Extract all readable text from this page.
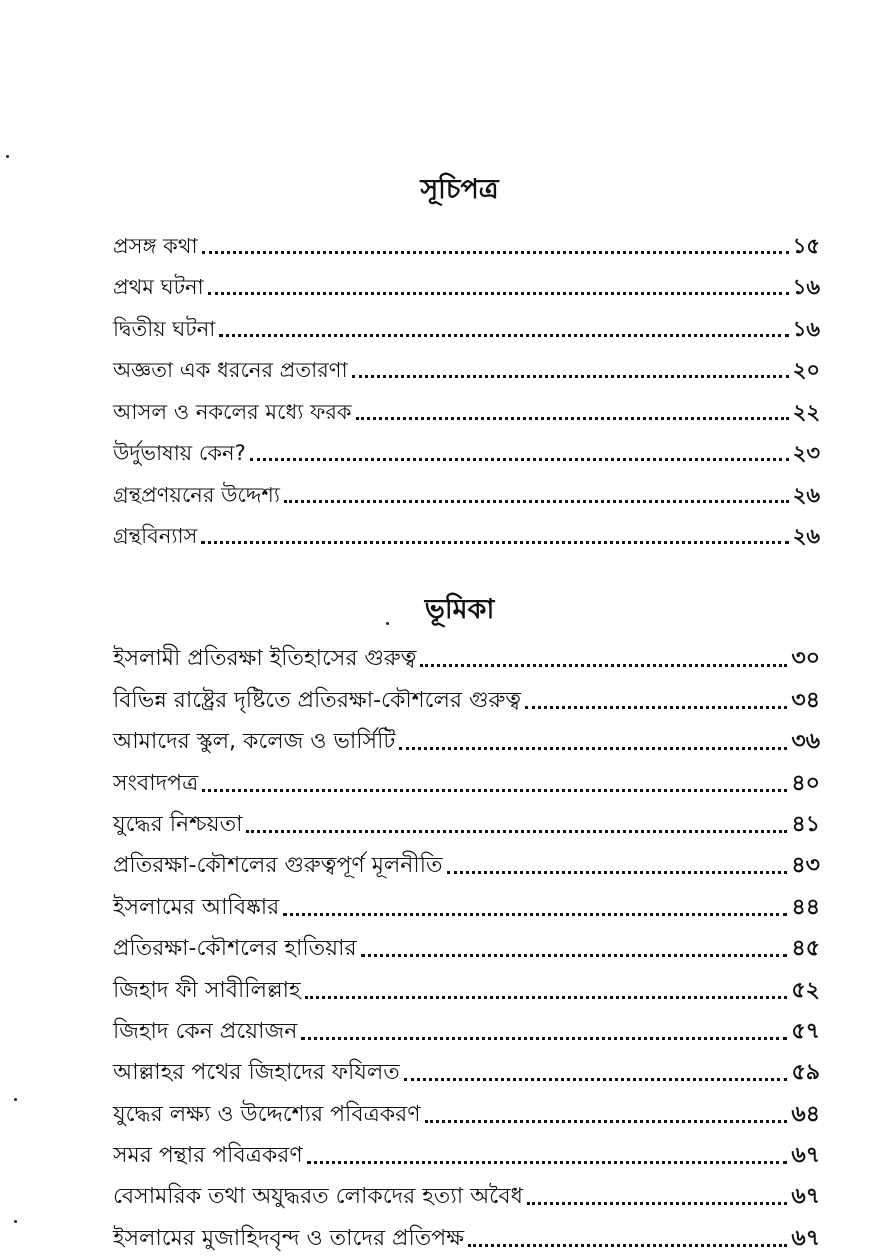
সূচিপত্র
প্রসঙ্গ কথা	১৫
প্রথম ঘটনা	১৬
দ্বিতীয় ঘটনা	১৬
অজ্ঞতা এক ধরনের প্রতারণা	২০
আসল ও নকলের মধ্যে ফরক	২২
উর্দুভাষায় কেন?	২৩
গ্রন্থপ্রণয়নের উদ্দেশ্য	২৬
গ্রন্থবিন্যাস	২৬
ভূমিকা
ইসলামী প্রতিরক্ষা ইতিহাসের গুরুত্ব	৩০
বিভিন্ন রাষ্ট্রের দৃষ্টিতে প্রতিরক্ষা-কৌশলের গুরুত্ব	৩৪
আমাদের স্কুল, কলেজ ও ভার্সিটি	৩৬
সংবাদপত্র	৪০
যুদ্ধের নিশ্চয়তা	৪১
প্রতিরক্ষা-কৌশলের গুরুত্বপূর্ণ মূলনীতি	৪৩
ইসলামের আবিষ্কার	৪৪
প্রতিরক্ষা-কৌশলের হাতিয়ার	৪৫
জিহাদ ফী সাবীলিল্লাহ	৫২
জিহাদ কেন প্রয়োজন	৫৭
আল্লাহর পথের জিহাদের ফযিলত	৫৯
যুদ্ধের লক্ষ্য ও উদ্দেশ্যের পবিত্রকরণ	৬৪
সমর পন্থার পবিত্রকরণ	৬৭
বেসামরিক তথা অযুদ্ধরত লোকদের হত্যা অবৈধ	৬৭
ইসলামের মুজাহিদবৃন্দ ও তাদের প্রতিপক্ষ	৬৭
